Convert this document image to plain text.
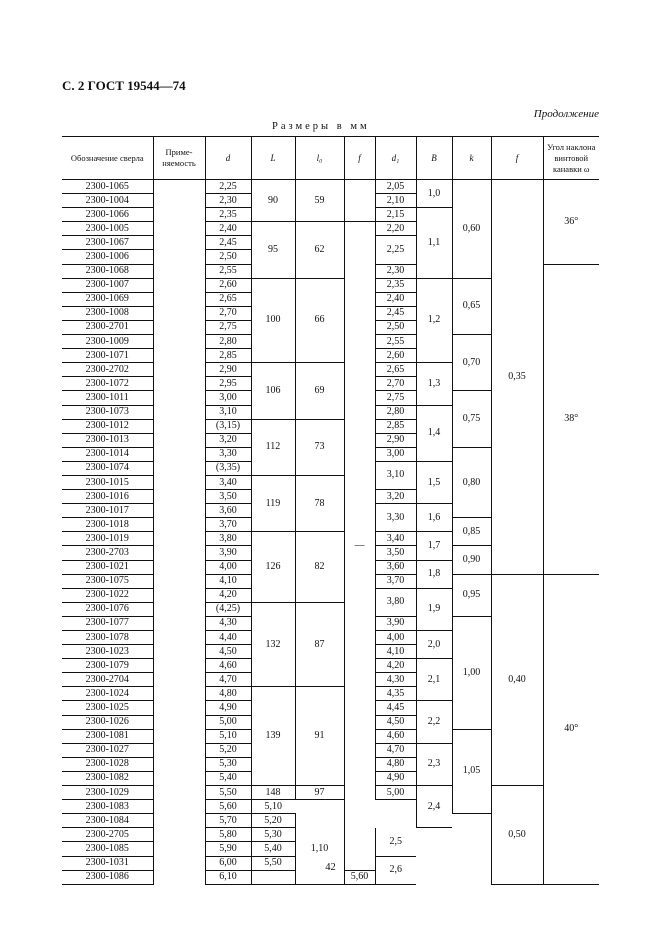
С. 2 ГОСТ 19544—74
Продолжение
Размеры в мм
Обозначение сверла	Приме-няемость	d	L	l₀	f	d₁	B	k	f	Угол наклона винтовой канавки ω
2300-1065		2,25	90	59		2,05	1,0	0,60	0,35	36°
2300-1004		2,30				2,10				
2300-1066		2,35				2,15	1,1			
2300-1005		2,40	95	62	—	2,20				
2300-1067		2,45				2,25				
2300-1006		2,50								
2300-1068		2,55				2,30				38°
2300-1007		2,60	100	66		2,35	1,2	0,65		
2300-1069		2,65				2,40				
2300-1008		2,70				2,45				
2300-2701		2,75				2,50				
2300-1009		2,80				2,55		0,70		
2300-1071		2,85				2,60				
2300-2702		2,90	106	69		2,65	1,3			
2300-1072		2,95				2,70				
2300-1011		3,00				2,75		0,75		
2300-1073		3,10				2,80	1,4			
2300-1012		(3,15)	112	73		2,85				
2300-1013		3,20				2,90				
2300-1014		3,30				3,00		0,80		
2300-1074		(3,35)				3,10	1,5			
2300-1015		3,40	119	78						
2300-1016		3,50				3,20				
2300-1017		3,60				3,30	1,6			
2300-1018		3,70						0,85		
2300-1019		3,80	126	82		3,40	1,7			
2300-2703		3,90				3,50		0,90		
2300-1021		4,00				3,60	1,8			
2300-1075		4,10				3,70		0,95	0,40	40°
2300-1022		4,20				3,80	1,9			
2300-1076		(4,25)	132	87						
2300-1077		4,30				3,90		1,00		
2300-1078		4,40				4,00	2,0			
2300-1023		4,50				4,10				
2300-1079		4,60				4,20	2,1			
2300-2704		4,70				4,30				
2300-1024		4,80	139	91		4,35				
2300-1025		4,90				4,45	2,2			
2300-1026		5,00				4,50				
2300-1081		5,10				4,60		1,05		
2300-1027		5,20				4,70	2,3			
2300-1028		5,30				4,80				
2300-1082		5,40				4,90				
2300-1029		5,50	148	97		5,00	2,4		0,50	
2300-1083		5,60	5,10							
2300-1084		5,70	5,20	1,10						
2300-2705		5,80	5,30			2,5				
2300-1085		5,90	5,40							
2300-1031		6,00	5,50			2,6				
2300-1086		6,10			5,60					
42
